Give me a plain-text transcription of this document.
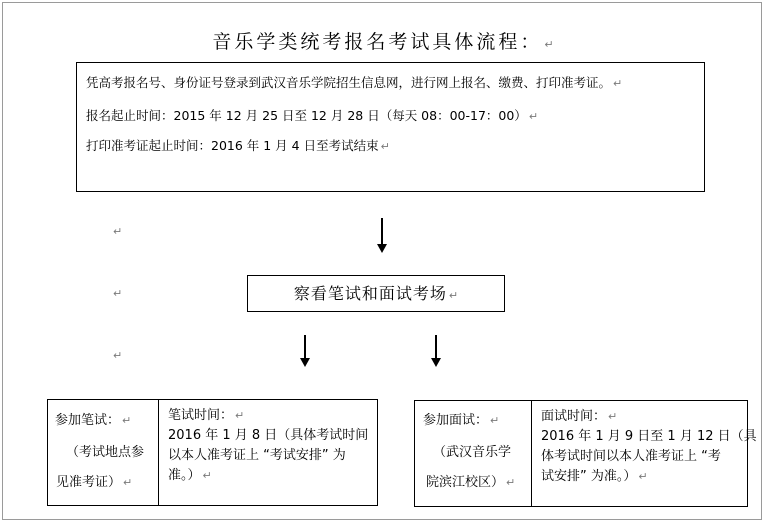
音乐学类统考报名考试具体流程： ↵
凭高考报名号、身份证号登录到武汉音乐学院招生信息网，进行网上报名、缴费、打印准考证。 ↵
报名起止时间：2015 年 12 月 25 日至 12 月 28 日（每天 08：00-17：00） ↵
打印准考证起止时间：2016 年 1 月 4 日至考试结束 ↵
↵
↵
↵
察看笔试和面试考场 ↵
参加笔试： ↵
（考试地点参
见准考证） ↵
笔试时间： ↵
2016 年 1 月 8 日（具体考试时间
以本人准考证上 “考试安排” 为
准。） ↵
参加面试： ↵
（武汉音乐学
院滨江校区） ↵
面试时间： ↵
2016 年 1 月 9 日至 1 月 12 日（具
体考试时间以本人准考证上 “考
试安排” 为准。） ↵
